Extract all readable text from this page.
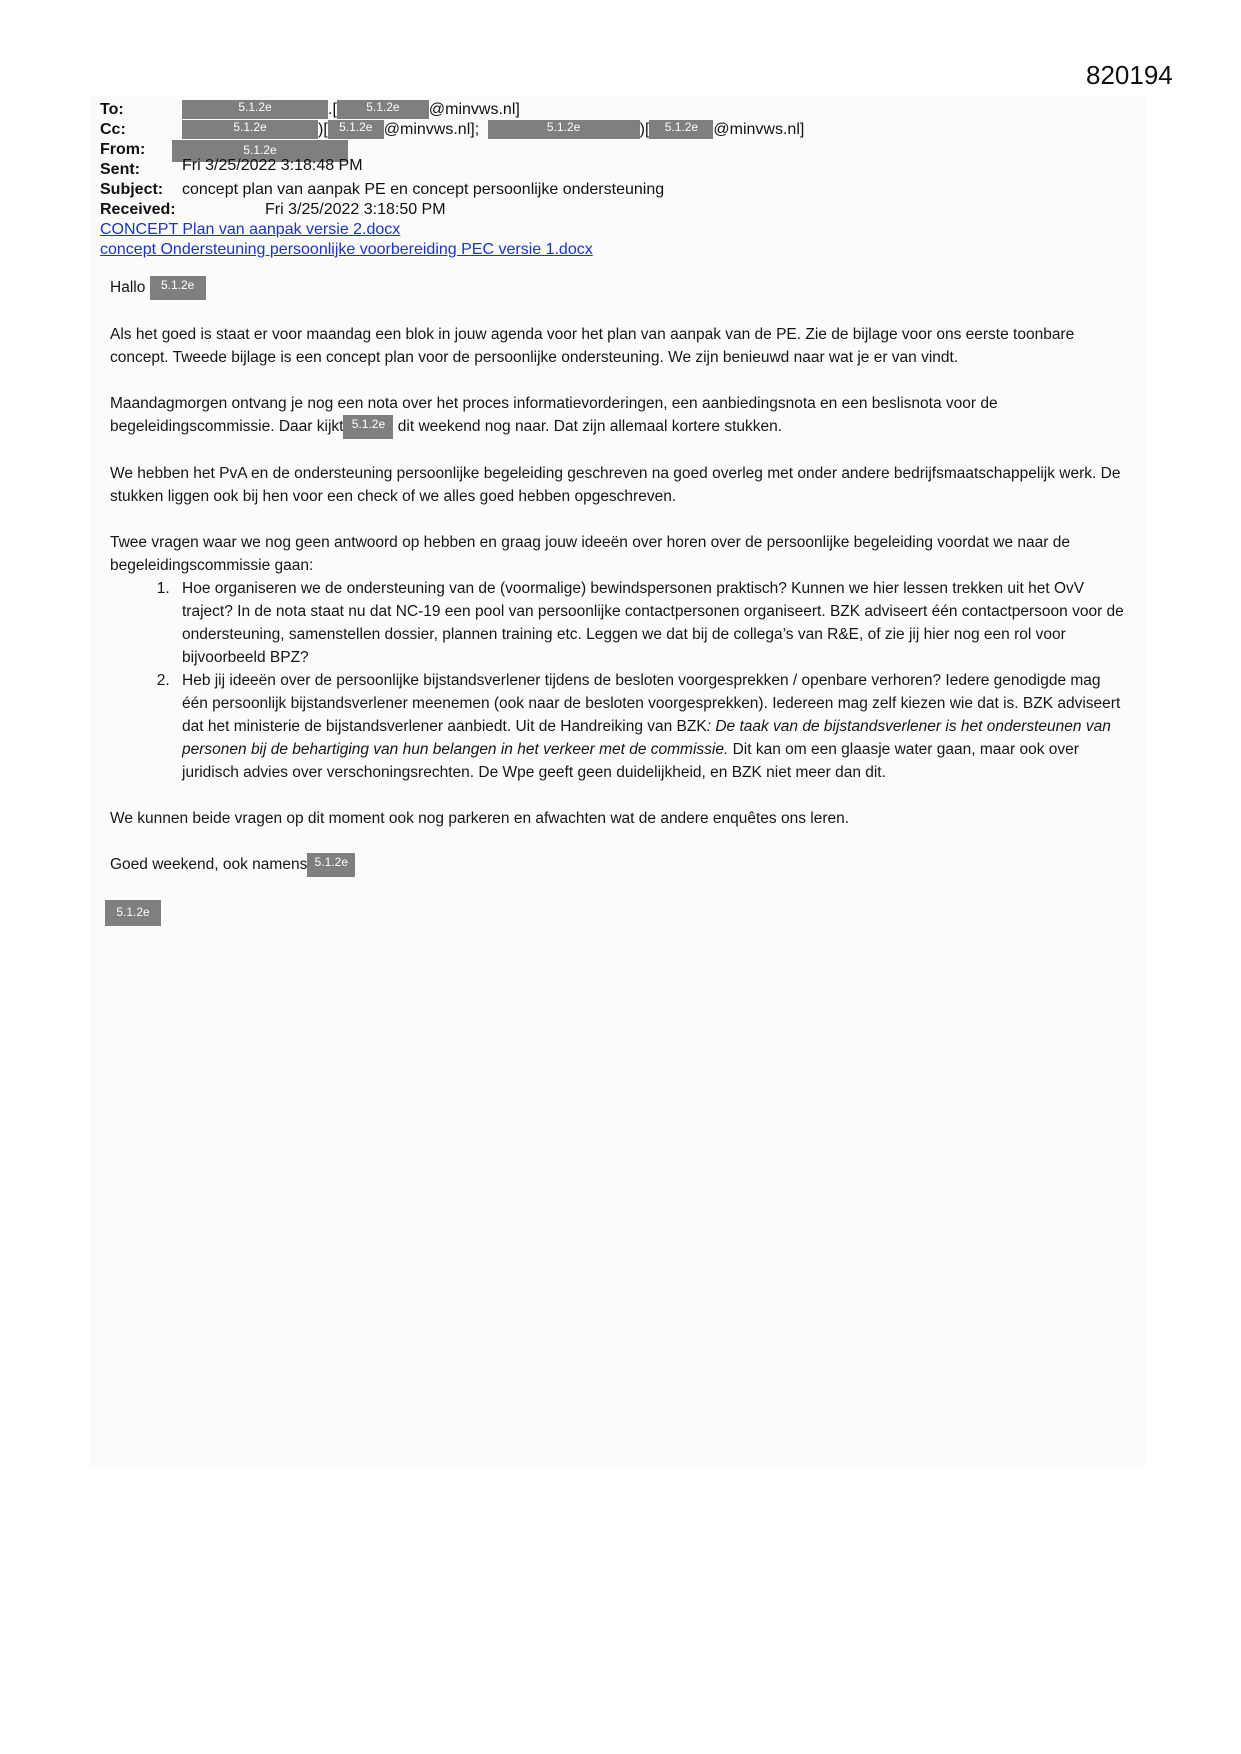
820194
To:	5.1.2e	.[ 5.1.2e @minvws.nl]
Cc:	5.1.2e	)[ 5.1.2e @minvws.nl];	5.1.2e	)[ 5.1.2e @minvws.nl]
From:	5.1.2e
Sent:	Fri 3/25/2022 3:18:48 PM
Subject: concept plan van aanpak PE en concept persoonlijke ondersteuning
Received:	Fri 3/25/2022 3:18:50 PM
CONCEPT Plan van aanpak versie 2.docx
concept Ondersteuning persoonlijke voorbereiding PEC versie 1.docx

Hallo 5.1.2e

Als het goed is staat er voor maandag een blok in jouw agenda voor het plan van aanpak van de PE. Zie de bijlage voor ons eerste toonbare concept. Tweede bijlage is een concept plan voor de persoonlijke ondersteuning. We zijn benieuwd naar wat je er van vindt.

Maandagmorgen ontvang je nog een nota over het proces informatievorderingen, een aanbiedingsnota en een beslisnota voor de begeleidingscommissie. Daar kijkt 5.1.2e dit weekend nog naar. Dat zijn allemaal kortere stukken.

We hebben het PvA en de ondersteuning persoonlijke begeleiding geschreven na goed overleg met onder andere bedrijfsmaatschappelijk werk. De stukken liggen ook bij hen voor een check of we alles goed hebben opgeschreven.

Twee vragen waar we nog geen antwoord op hebben en graag jouw ideeën over horen over de persoonlijke begeleiding voordat we naar de begeleidingscommissie gaan:

1. Hoe organiseren we de ondersteuning van de (voormalige) bewindspersonen praktisch? Kunnen we hier lessen trekken uit het OvV traject? In de nota staat nu dat NC-19 een pool van persoonlijke contactpersonen organiseert. BZK adviseert één contactpersoon voor de ondersteuning, samenstellen dossier, plannen training etc. Leggen we dat bij de collega’s van R&E, of zie jij hier nog een rol voor bijvoorbeeld BPZ?
2. Heb jij ideeën over de persoonlijke bijstandsverlener tijdens de besloten voorgesprekken / openbare verhoren? Iedere genodigde mag één persoonlijk bijstandsverlener meenemen (ook naar de besloten voorgesprekken). Iedereen mag zelf kiezen wie dat is. BZK adviseert dat het ministerie de bijstandsverlener aanbiedt. Uit de Handreiking van BZK: De taak van de bijstandsverlener is het ondersteunen van personen bij de behartiging van hun belangen in het verkeer met de commissie. Dit kan om een glaasje water gaan, maar ook over juridisch advies over verschoningsrechten. De Wpe geeft geen duidelijkheid, en BZK niet meer dan dit.

We kunnen beide vragen op dit moment ook nog parkeren en afwachten wat de andere enquêtes ons leren.

Goed weekend, ook namens 5.1.2e

5.1.2e
